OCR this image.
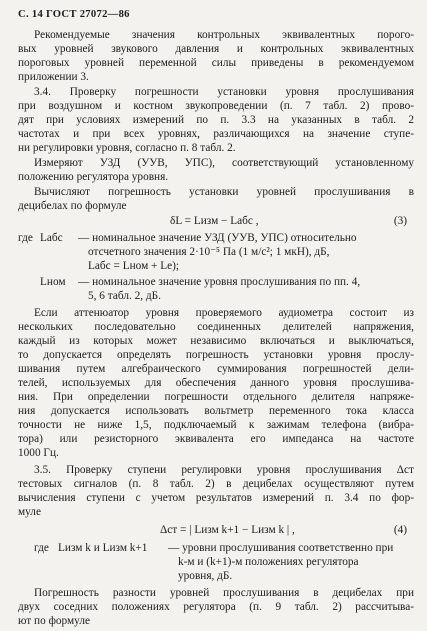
С. 14 ГОСТ 27072—86
Рекомендуемые значения контрольных эквивалентных порого-
вых уровней звукового давления и контрольных эквивалентных
пороговых уровней переменной силы приведены в рекомендуемом
приложении 3.
3.4. Проверку погрешности установки уровня прослушивания
при воздушном и костном звукопроведении (п. 7 табл. 2) прово-
дят при условиях измерений по п. 3.3 на указанных в табл. 2
частотах и при всех уровнях, различающихся на значение ступе-
ни регулировки уровня, согласно п. 8 табл. 2.
Измеряют УЗД (УУВ, УПС), соответствующий установленному
положению регулятора уровня.
Вычисляют погрешность установки уровней прослушивания в
децибелах по формуле
δL = Lизм − Lабс ,	(3)
где Lабс — номинальное значение УЗД (УУВ, УПС) относительно
отсчетного значения 2·10⁻⁵ Па (1 м/с²; 1 мкН), дБ,
Lабс = Lном + Lе);
Lном — номинальное значение уровня прослушивания по пп. 4,
5, 6 табл. 2, дБ.
Если аттенюатор уровня проверяемого аудиометра состоит из
нескольких последовательно соединенных делителей напряжения,
каждый из которых может независимо включаться и выключаться,
то допускается определять погрешность установки уровня прослу-
шивания путем алгебраического суммирования погрешностей дели-
телей, используемых для обеспечения данного уровня прослушива-
ния. При определении погрешности отдельного делителя напряже-
ния допускается использовать вольтметр переменного тока класса
точности не ниже 1,5, подключаемый к зажимам телефона (вибра-
тора) или резисторного эквивалента его импеданса на частоте
1000 Гц.
3.5. Проверку ступени регулировки уровня прослушивания Δст
тестовых сигналов (п. 8 табл. 2) в децибелах осуществляют путем
вычисления ступени с учетом результатов измерений п. 3.4 по фор-
муле
Δст = | Lизм k+1 − Lизм k | ,	(4)
где Lизм k и Lизм k+1 — уровни прослушивания соответственно при
k-м и (k+1)-м положениях регулятора
уровня, дБ.
Погрешность разности уровней прослушивания в децибелах при
двух соседних положениях регулятора (п. 9 табл. 2) рассчитыва-
ют по формуле
